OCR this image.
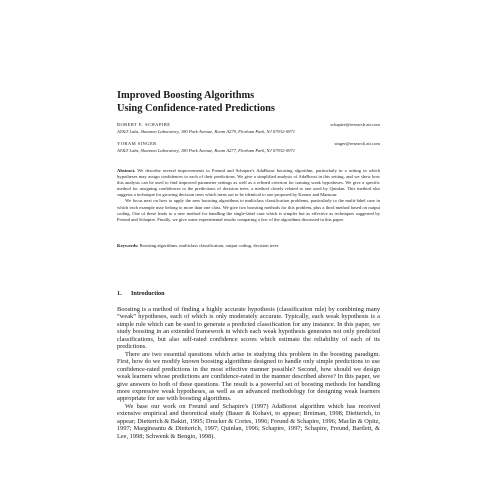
Improved Boosting Algorithms
Using Confidence-rated Predictions
ROBERT E. SCHAPIRE	schapire@research.att.com
AT&T Labs, Shannon Laboratory, 180 Park Avenue, Room A279, Florham Park, NJ 07932-0971
YORAM SINGER	singer@research.att.com
AT&T Labs, Shannon Laboratory, 180 Park Avenue, Room A277, Florham Park, NJ 07932-0971

Abstract. We describe several improvements to Freund and Schapire's AdaBoost boosting algorithm, particularly in a setting in which hypotheses may assign confidences to each of their predictions. We give a simplified analysis of AdaBoost in this setting, and we show how this analysis can be used to find improved parameter settings as well as a refined criterion for training weak hypotheses. We give a specific method for assigning confidences to the predictions of decision trees, a method closely related to one used by Quinlan. This method also suggests a technique for growing decision trees which turns out to be identical to one proposed by Kearns and Mansour.

We focus next on how to apply the new boosting algorithms to multiclass classification problems, particularly to the multi-label case in which each example may belong to more than one class. We give two boosting methods for this problem, plus a third method based on output coding. One of these leads to a new method for handling the single-label case which is simpler but as effective as techniques suggested by Freund and Schapire. Finally, we give some experimental results comparing a few of the algorithms discussed in this paper.

Keywords: Boosting algorithms, multiclass classification, output coding, decision trees
1. Introduction

Boosting is a method of finding a highly accurate hypothesis (classification rule) by combining many “weak” hypotheses, each of which is only moderately accurate. Typically, each weak hypothesis is a simple rule which can be used to generate a predicted classification for any instance. In this paper, we study boosting in an extended framework in which each weak hypothesis generates not only predicted classifications, but also self-rated confidence scores which estimate the reliability of each of its predictions.

There are two essential questions which arise in studying this problem in the boosting paradigm. First, how do we modify known boosting algorithms designed to handle only simple predictions to use confidence-rated predictions in the most effective manner possible? Second, how should we design weak learners whose predictions are confidence-rated in the manner described above? In this paper, we give answers to both of these questions. The result is a powerful set of boosting methods for handling more expressive weak hypotheses, as well as an advanced methodology for designing weak learners appropriate for use with boosting algorithms.

We base our work on Freund and Schapire's (1997) AdaBoost algorithm which has received extensive empirical and theoretical study (Bauer & Kohavi, to appear; Breiman, 1998; Dietterich, to appear; Dietterich & Bakiri, 1995; Drucker & Cortes, 1996; Freund & Schapire, 1996; Maclin & Opitz, 1997; Margineantu & Dietterich, 1997; Quinlan, 1996; Schapire, 1997; Schapire, Freund, Bartlett, & Lee, 1998; Schwenk & Bengio, 1998).
